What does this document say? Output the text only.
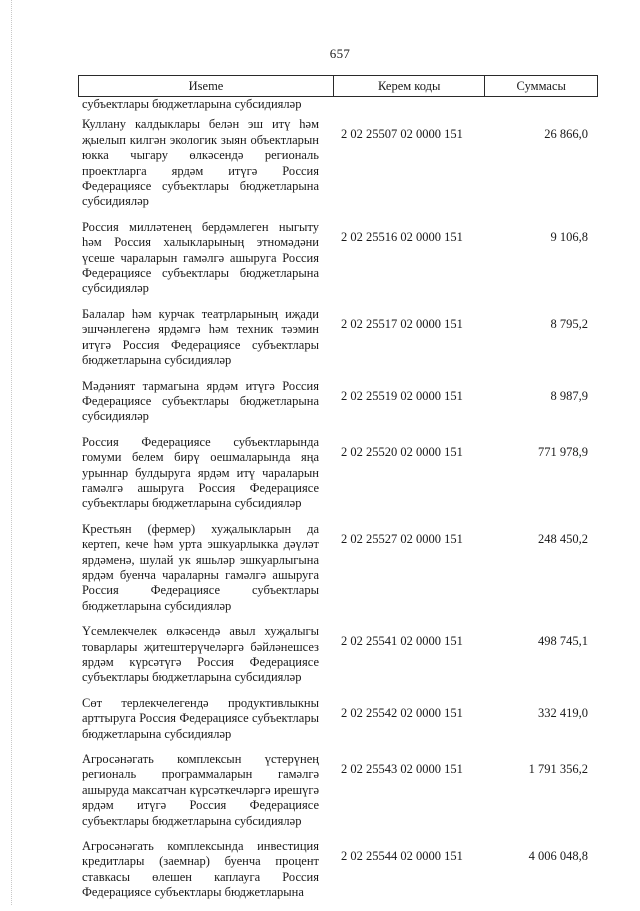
657
Иseme	Керем коды	Суммасы
субъектлары бюджетларына субсидияләр
Куллану калдыклары белән эш итү һәм җыелып килгән экологик зыян объектларын юкка чыгару өлкәсендә региональ проектларга ярдәм итүгә Россия Федерациясе субъектлары бюджетларына субсидияләр
2 02 25507 02 0000 151	26 866,0
Россия милләтенең бердәмлеген ныгыту һәм Россия халыкларының этномәдәни үсеше чараларын гамәлгә ашыруга Россия Федерациясе субъектлары бюджетларына субсидияләр
2 02 25516 02 0000 151	9 106,8
Балалар һәм курчак театрларының иҗади эшчәнлегенә ярдәмгә һәм техник тәэмин итүгә Россия Федерациясе субъектлары бюджетларына субсидияләр
2 02 25517 02 0000 151	8 795,2
Мәдәният тармагына ярдәм итүгә Россия Федерациясе субъектлары бюджетларына субсидияләр
2 02 25519 02 0000 151	8 987,9
Россия Федерациясе субъектларында гомуми белем бирү оешмаларында яңа урыннар булдыруга ярдәм итү чараларын гамәлгә ашыруга Россия Федерациясе субъектлары бюджетларына субсидияләр
2 02 25520 02 0000 151	771 978,9
Крестьян (фермер) хуҗалыкларын да кертеп, кече һәм урта эшкуарлыкка дәүләт ярдәменә, шулай ук яшьләр эшкуарлыгына ярдәм буенча чараларны гамәлгә ашыруга Россия Федерациясе субъектлары бюджетларына субсидияләр
2 02 25527 02 0000 151	248 450,2
Үсемлекчелек өлкәсендә авыл хуҗалыгы товарлары җитештерүчеләргә бәйләнешсез ярдәм күрсәтүгә Россия Федерациясе субъектлары бюджетларына субсидияләр
2 02 25541 02 0000 151	498 745,1
Сөт терлекчелегендә продуктивлыкны арттыруга Россия Федерациясе субъектлары бюджетларына субсидияләр
2 02 25542 02 0000 151	332 419,0
Агросәнәгать комплексын үстерүнең региональ программаларын гамәлгә ашыруда максатчан күрсәткечләргә ирешүгә ярдәм итүгә Россия Федерациясе субъектлары бюджетларына субсидияләр
2 02 25543 02 0000 151	1 791 356,2
Агросәнәгать комплексында инвестиция кредитлары (заемнар) буенча процент ставкасы өлешен каплауга Россия Федерациясе субъектлары бюджетларына
2 02 25544 02 0000 151	4 006 048,8
